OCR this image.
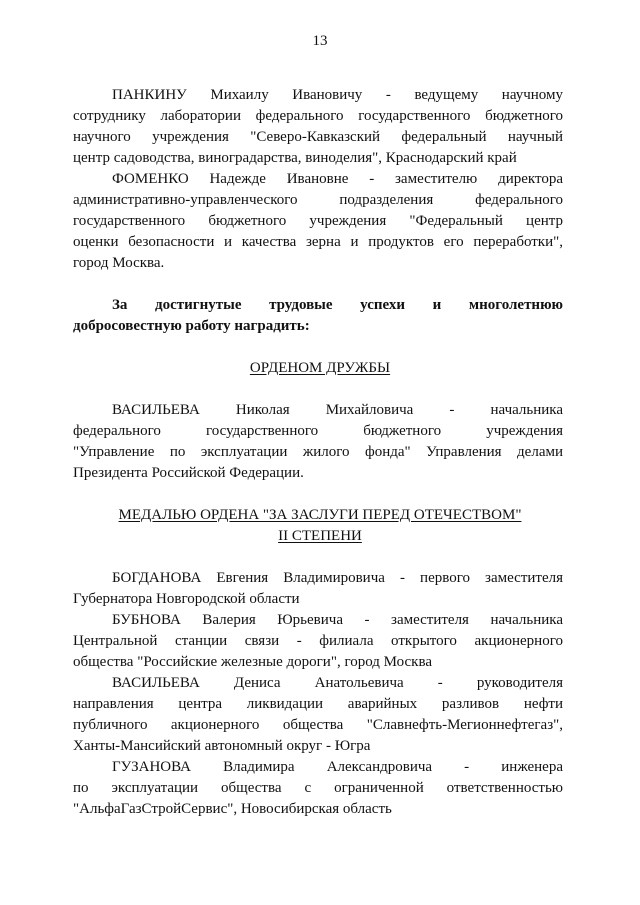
13
ПАНКИНУ Михаилу Ивановичу - ведущему научному
сотруднику лаборатории федерального государственного бюджетного
научного учреждения "Северо-Кавказский федеральный научный
центр садоводства, виноградарства, виноделия", Краснодарский край
ФОМЕНКО Надежде Ивановне - заместителю директора
административно-управленческого подразделения федерального
государственного бюджетного учреждения "Федеральный центр
оценки безопасности и качества зерна и продуктов его переработки",
город Москва.
За достигнутые трудовые успехи и многолетнюю
добросовестную работу наградить:
ОРДЕНОМ ДРУЖБЫ
ВАСИЛЬЕВА Николая Михайловича - начальника
федерального государственного бюджетного учреждения
"Управление по эксплуатации жилого фонда" Управления делами
Президента Российской Федерации.
МЕДАЛЬЮ ОРДЕНА "ЗА ЗАСЛУГИ ПЕРЕД ОТЕЧЕСТВОМ"
II СТЕПЕНИ
БОГДАНОВА Евгения Владимировича - первого заместителя
Губернатора Новгородской области
БУБНОВА Валерия Юрьевича - заместителя начальника
Центральной станции связи - филиала открытого акционерного
общества "Российские железные дороги", город Москва
ВАСИЛЬЕВА Дениса Анатольевича - руководителя
направления центра ликвидации аварийных разливов нефти
публичного акционерного общества "Славнефть-Мегионнефтегаз",
Ханты-Мансийский автономный округ - Югра
ГУЗАНОВА Владимира Александровича - инженера
по эксплуатации общества с ограниченной ответственностью
"АльфаГазСтройСервис", Новосибирская область
